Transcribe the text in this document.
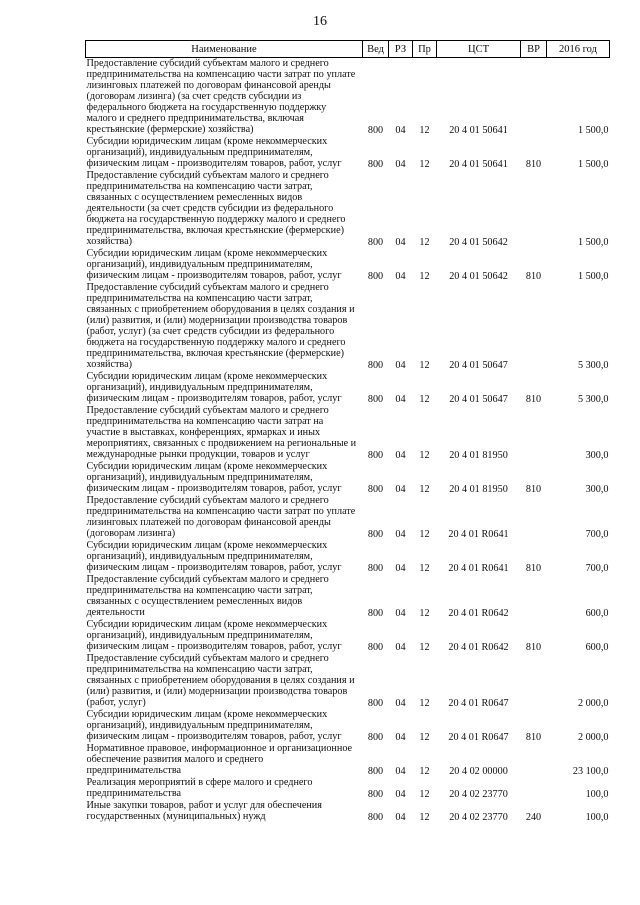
16
Наименование	Вед	РЗ	Пр	ЦСТ	ВР	2016 год
Предоставление субсидий субъектам малого и среднего предпринимательства на компенсацию части затрат по уплате лизинговых платежей по договорам финансовой аренды (договорам лизинга) (за счет средств субсидии из федерального бюджета на государственную поддержку малого и среднего предпринимательства, включая крестьянские (фермерские) хозяйства)	800	04	12	20 4 01 50641		1 500,0
Субсидии юридическим лицам (кроме некоммерческих организаций), индивидуальным предпринимателям, физическим лицам - производителям товаров, работ, услуг	800	04	12	20 4 01 50641	810	1 500,0
Предоставление субсидий субъектам малого и среднего предпринимательства на компенсацию части затрат, связанных с осуществлением ремесленных видов деятельности (за счет средств субсидии из федерального бюджета на государственную поддержку малого и среднего предпринимательства, включая крестьянские (фермерские) хозяйства)	800	04	12	20 4 01 50642		1 500,0
Субсидии юридическим лицам (кроме некоммерческих организаций), индивидуальным предпринимателям, физическим лицам - производителям товаров, работ, услуг	800	04	12	20 4 01 50642	810	1 500,0
Предоставление субсидий субъектам малого и среднего предпринимательства на компенсацию части затрат, связанных с приобретением оборудования в целях создания и (или) развития, и (или) модернизации производства товаров (работ, услуг) (за счет средств субсидии из федерального бюджета на государственную поддержку малого и среднего предпринимательства, включая крестьянские (фермерские) хозяйства)	800	04	12	20 4 01 50647		5 300,0
Субсидии юридическим лицам (кроме некоммерческих организаций), индивидуальным предпринимателям, физическим лицам - производителям товаров, работ, услуг	800	04	12	20 4 01 50647	810	5 300,0
Предоставление субсидий субъектам малого и среднего предпринимательства на компенсацию части затрат на участие в выставках, конференциях, ярмарках и иных мероприятиях, связанных с продвижением на региональные и международные рынки продукции, товаров и услуг	800	04	12	20 4 01 81950		300,0
Субсидии юридическим лицам (кроме некоммерческих организаций), индивидуальным предпринимателям, физическим лицам - производителям товаров, работ, услуг	800	04	12	20 4 01 81950	810	300,0
Предоставление субсидий субъектам малого и среднего предпринимательства на компенсацию части затрат по уплате лизинговых платежей по договорам финансовой аренды (договорам лизинга)	800	04	12	20 4 01 R0641		700,0
Субсидии юридическим лицам (кроме некоммерческих организаций), индивидуальным предпринимателям, физическим лицам - производителям товаров, работ, услуг	800	04	12	20 4 01 R0641	810	700,0
Предоставление субсидий субъектам малого и среднего предпринимательства на компенсацию части затрат, связанных с осуществлением ремесленных видов деятельности	800	04	12	20 4 01 R0642		600,0
Субсидии юридическим лицам (кроме некоммерческих организаций), индивидуальным предпринимателям, физическим лицам - производителям товаров, работ, услуг	800	04	12	20 4 01 R0642	810	600,0
Предоставление субсидий субъектам малого и среднего предпринимательства на компенсацию части затрат, связанных с приобретением оборудования в целях создания и (или) развития, и (или) модернизации производства товаров (работ, услуг)	800	04	12	20 4 01 R0647		2 000,0
Субсидии юридическим лицам (кроме некоммерческих организаций), индивидуальным предпринимателям, физическим лицам - производителям товаров, работ, услуг	800	04	12	20 4 01 R0647	810	2 000,0
Нормативное правовое, информационное и организационное обеспечение развития малого и среднего предпринимательства	800	04	12	20 4 02 00000		23 100,0
Реализация мероприятий в сфере малого и среднего предпринимательства	800	04	12	20 4 02 23770		100,0
Иные закупки товаров, работ и услуг для обеспечения государственных (муниципальных) нужд	800	04	12	20 4 02 23770	240	100,0
